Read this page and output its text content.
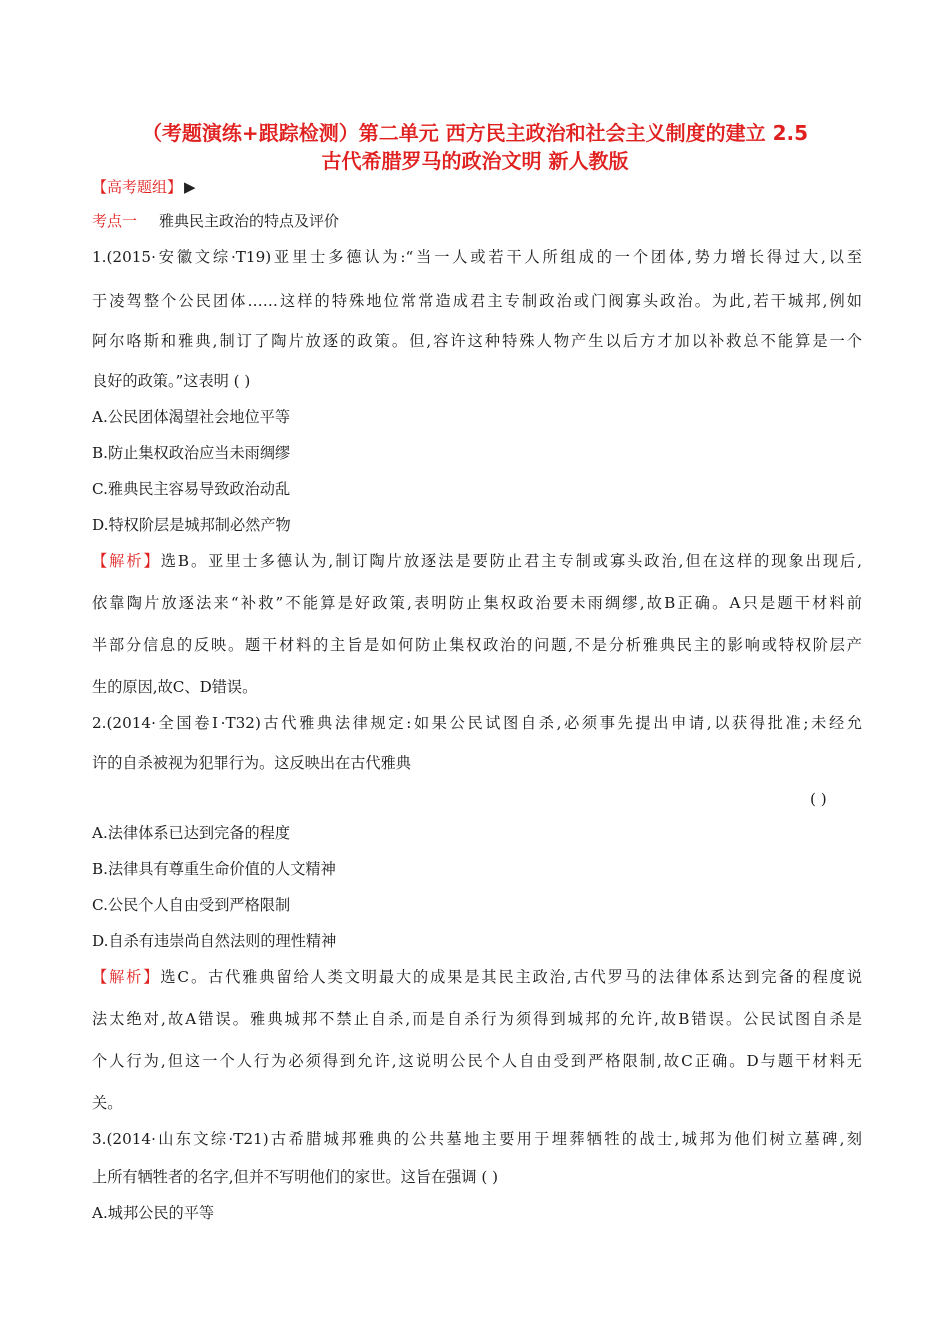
（考题演练+跟踪检测）第二单元 西方民主政治和社会主义制度的建立 2.5
古代希腊罗马的政治文明 新人教版
【高考题组】 ▶
考点一 雅典民主政治的特点及评价
1.(2015·安徽文综·T19)亚里士多德认为:“当一人或若干人所组成的一个团体,势力增长得过大,以至
于凌驾整个公民团体……这样的特殊地位常常造成君主专制政治或门阀寡头政治。为此,若干城邦,例如
阿尔咯斯和雅典,制订了陶片放逐的政策。但,容许这种特殊人物产生以后方才加以补救总不能算是一个
良好的政策。”这表明 ( )
A.公民团体渴望社会地位平等
B.防止集权政治应当未雨绸缪
C.雅典民主容易导致政治动乱
D.特权阶层是城邦制必然产物
【解析】选B。亚里士多德认为,制订陶片放逐法是要防止君主专制或寡头政治,但在这样的现象出现后,
依靠陶片放逐法来“补救”不能算是好政策,表明防止集权政治要未雨绸缪,故B正确。A只是题干材料前
半部分信息的反映。题干材料的主旨是如何防止集权政治的问题,不是分析雅典民主的影响或特权阶层产
生的原因,故C、D错误。
2.(2014·全国卷Ⅰ·T32)古代雅典法律规定:如果公民试图自杀,必须事先提出申请,以获得批准;未经允
许的自杀被视为犯罪行为。这反映出在古代雅典
( )
A.法律体系已达到完备的程度
B.法律具有尊重生命价值的人文精神
C.公民个人自由受到严格限制
D.自杀有违崇尚自然法则的理性精神
【解析】选C。古代雅典留给人类文明最大的成果是其民主政治,古代罗马的法律体系达到完备的程度说
法太绝对,故A错误。雅典城邦不禁止自杀,而是自杀行为须得到城邦的允许,故B错误。公民试图自杀是
个人行为,但这一个人行为必须得到允许,这说明公民个人自由受到严格限制,故C正确。D与题干材料无
关。
3.(2014·山东文综·T21)古希腊城邦雅典的公共墓地主要用于埋葬牺牲的战士,城邦为他们树立墓碑,刻
上所有牺牲者的名字,但并不写明他们的家世。这旨在强调 ( )
A.城邦公民的平等
